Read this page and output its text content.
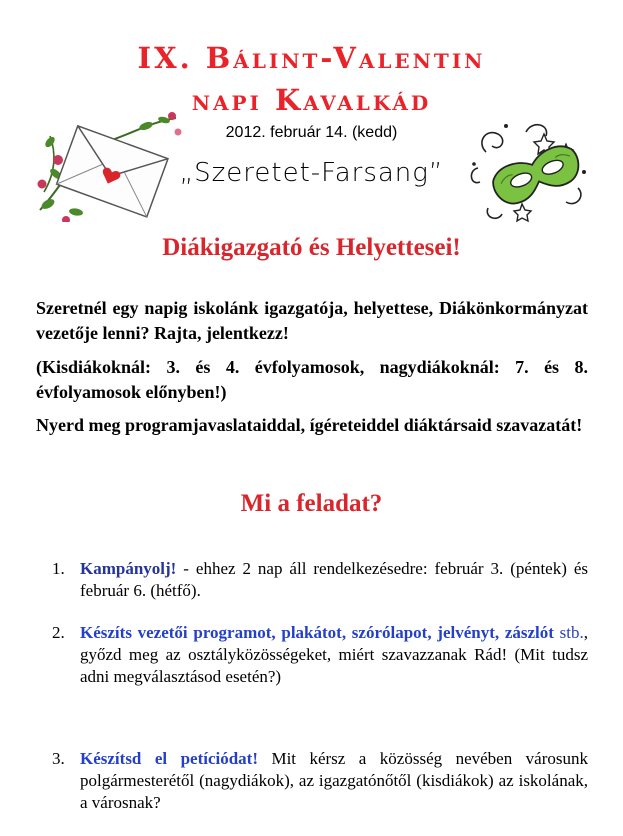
IX. Bálint-Valentin
napi Kavalkád
2012. február 14. (kedd)
„Szeretet-Farsang”
Diákigazgató és Helyettesei!
Szeretnél egy napig iskolánk igazgatója, helyettese, Diákönkormányzat vezetője lenni? Rajta, jelentkezz!
(Kisdiákoknál: 3. és 4. évfolyamosok, nagydiákoknál: 7. és 8. évfolyamosok előnyben!)
Nyerd meg programjavaslataiddal, ígéreteiddel diáktársaid szavazatát!
Mi a feladat?
1. Kampányolj! - ehhez 2 nap áll rendelkezésedre: február 3. (péntek) és február 6. (hétfő).
2. Készíts vezetői programot, plakátot, szórólapot, jelvényt, zászlót stb., győzd meg az osztályközösségeket, miért szavazzanak Rád! (Mit tudsz adni megválasztásod esetén?)
3. Készítsd el petíciódat! Mit kérsz a közösség nevében városunk polgármesterétől (nagydiákok), az igazgatónőtől (kisdiákok) az iskolának, a városnak?
